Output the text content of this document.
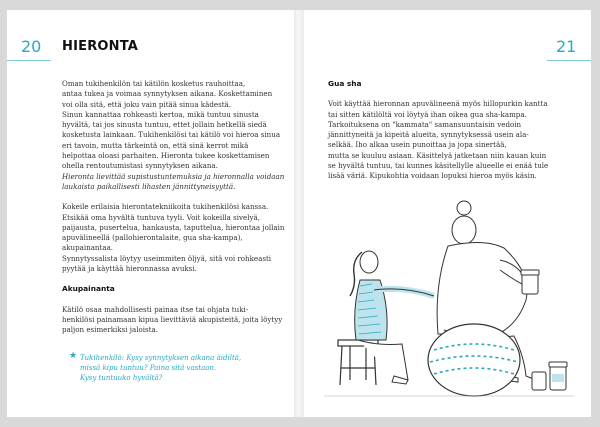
20 HIERONTA

Oman tukihenkilön tai kätilön kosketus rauhoittaa,

antaa tukea ja voimaa synnytyksen aikana. Koskettaminen

voi olla sitä, että joku vain pitää sinua kädestä.

Sinun kannattaa rohkeasti kertoa, mikä tuntuu sinusta

hyvältä, tai jos sinusta tuntuu, ettet jollain hetkellä siedä

kosketusta lainkaan. Tukihenkilösi tai kätilö voi hieroa sinua

eri tavoin, mutta tärkeintä on, että sinä kerrot mikä

helpottaa oloasi parhaiten. Hieronta tukee koskettamisen

ohella rentoutumistasi synnytyksen aikana.

Hieronta lievittää supistustuntemuksia ja hieronnalla voidaan

laukaista paikallisesti lihasten jännittyneisyyttä.

Kokeile erilaisia hierontatekniikoita tukihenkilösi kanssa.

Etsikää oma hyvältä tuntuva tyyli. Voit kokeilla sivelyä,

paijausta, pusertelua, hankausta, taputtelua, hierontaa jollain

apuvälineellä (pallohierontalaite, gua sha-kampa), akupainantaa.

Synnytyssalista löytyy useimmiten öljyä, sitä voi rohkeasti

pyytää ja käyttää hieronnassa avuksi.

Akupainanta

Kätilö osaa mahdollisesti painaa itse tai ohjata tuki-

henkilösi painamaan kipua lievittäviä akupisteitä, joita löytyy

paljon esimerkiksi jaloista.

★ Tukihenkilö: Kysy synnytyksen aikana äidiltä,

missä kipu tuntuu? Paina sitä vastaan.

Kysy tuntuuko hyvältä?

21

Gua sha

Voit käyttää hieronnan apuvälineenä myös hillopurkin kantta

tai sitten kätilöltä voi löytyä ihan oikea gua sha-kampa.

Tarkoituksena on "kammata" samansuuntaisin vedoin

jännittyneitä ja kipeitä alueita, synnytyksessä usein ala-

selkää. Iho alkaa usein punoittaa ja jopa sinertää,

mutta se kuuluu asiaan. Käsittelyä jatketaan niin kauan kuin

se hyvältä tuntuu, tai kunnes käsitellylle alueelle ei enää tule

lisää väriä. Kipukohtia voidaan lopuksi hieroa myös käsin.
